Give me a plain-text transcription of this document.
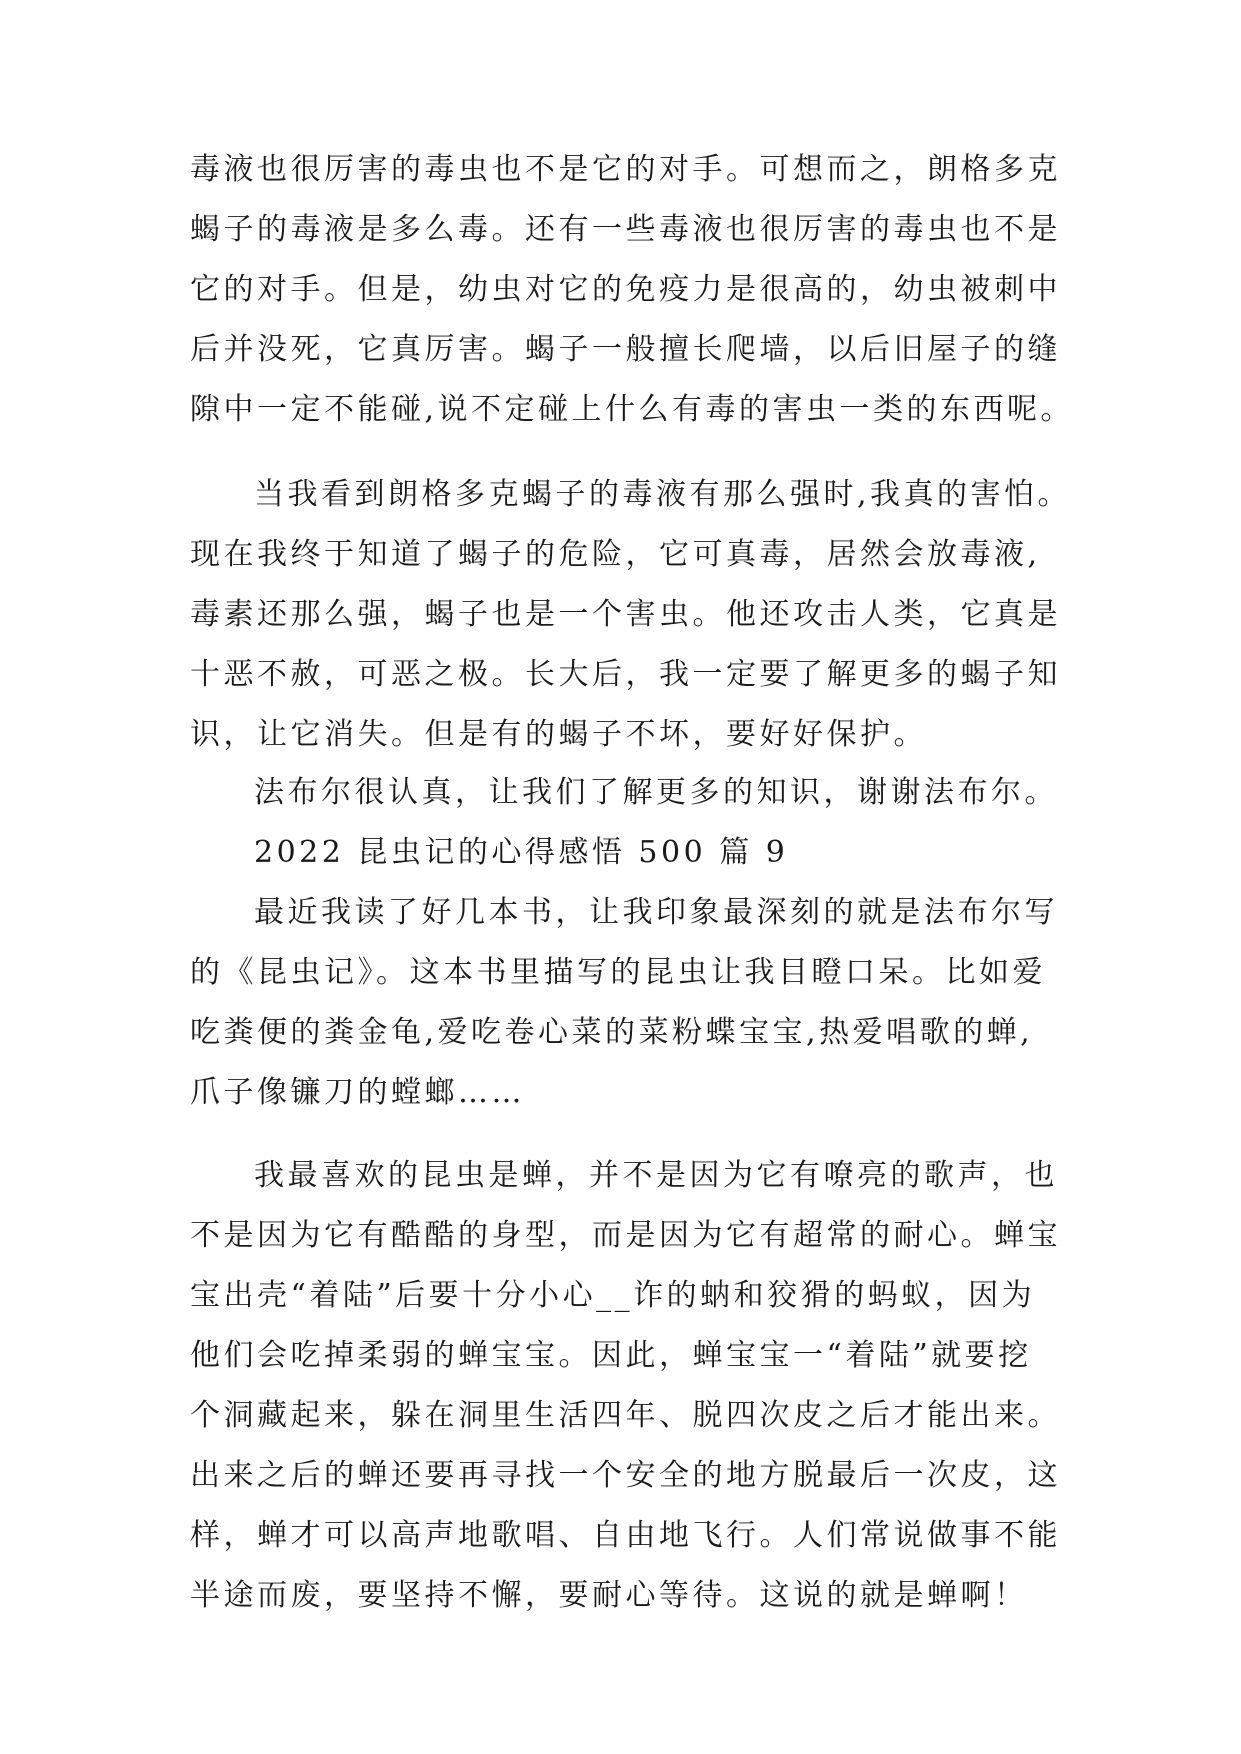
毒液也很厉害的毒虫也不是它的对手。可想而之，朗格多克
蝎子的毒液是多么毒。还有一些毒液也很厉害的毒虫也不是
它的对手。但是，幼虫对它的免疫力是很高的，幼虫被刺中
后并没死，它真厉害。蝎子一般擅长爬墙，以后旧屋子的缝
隙中一定不能碰,说不定碰上什么有毒的害虫一类的东西呢。
当我看到朗格多克蝎子的毒液有那么强时,我真的害怕。
现在我终于知道了蝎子的危险，它可真毒，居然会放毒液,
毒素还那么强，蝎子也是一个害虫。他还攻击人类，它真是
十恶不赦，可恶之极。长大后，我一定要了解更多的蝎子知
识，让它消失。但是有的蝎子不坏，要好好保护。
法布尔很认真，让我们了解更多的知识，谢谢法布尔。
2022 昆虫记的心得感悟 500 篇 9
最近我读了好几本书，让我印象最深刻的就是法布尔写
的《昆虫记》。这本书里描写的昆虫让我目瞪口呆。比如爱
吃粪便的粪金龟,爱吃卷心菜的菜粉蝶宝宝,热爱唱歌的蝉,
爪子像镰刀的螳螂……
我最喜欢的昆虫是蝉，并不是因为它有嘹亮的歌声，也
不是因为它有酷酷的身型，而是因为它有超常的耐心。蝉宝
宝出壳“着陆”后要十分小心__诈的蚋和狡猾的蚂蚁，因为
他们会吃掉柔弱的蝉宝宝。因此，蝉宝宝一“着陆”就要挖
个洞藏起来，躲在洞里生活四年、脱四次皮之后才能出来。
出来之后的蝉还要再寻找一个安全的地方脱最后一次皮，这
样，蝉才可以高声地歌唱、自由地飞行。人们常说做事不能
半途而废，要坚持不懈，要耐心等待。这说的就是蝉啊！
